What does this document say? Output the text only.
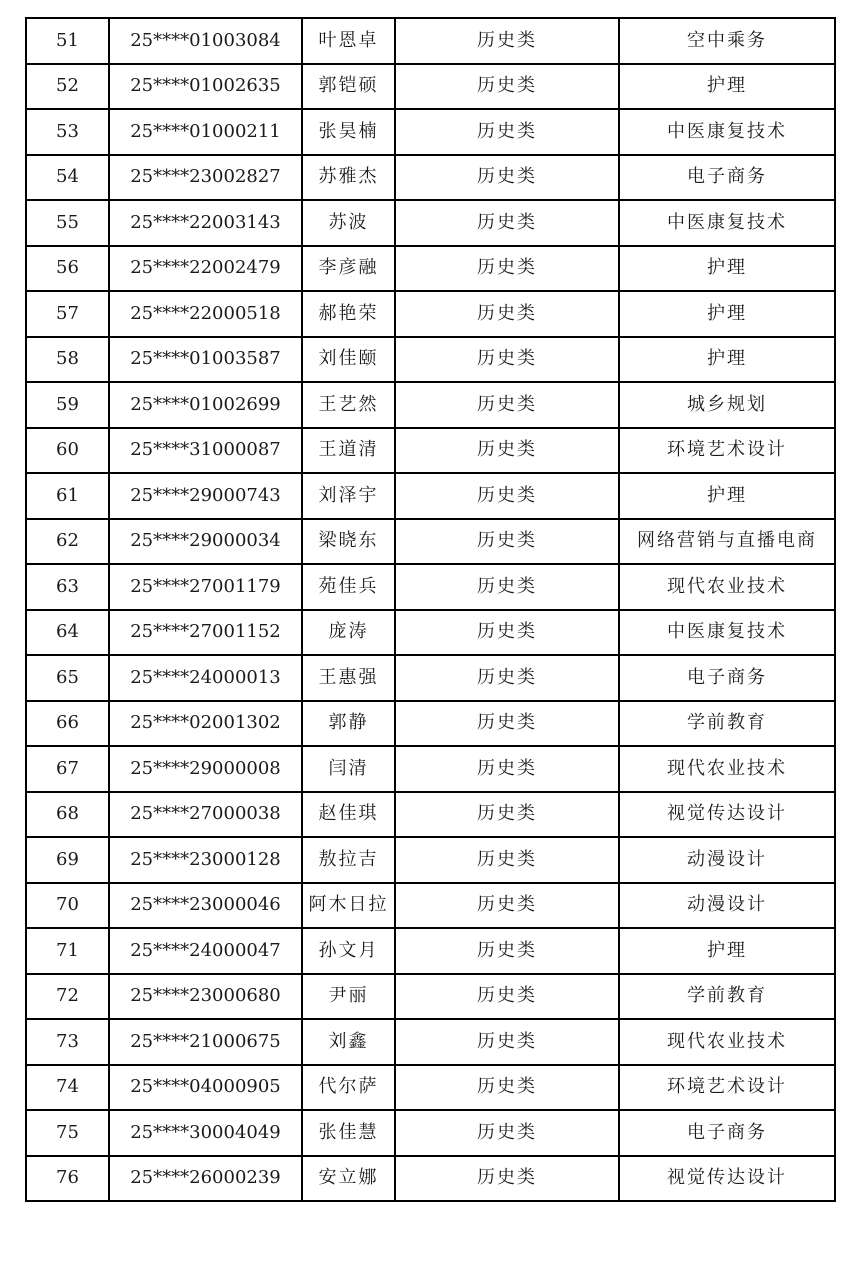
51	25****01003084	叶恩卓	历史类	空中乘务
52	25****01002635	郭铠硕	历史类	护理
53	25****01000211	张昊楠	历史类	中医康复技术
54	25****23002827	苏雅杰	历史类	电子商务
55	25****22003143	苏波	历史类	中医康复技术
56	25****22002479	李彦融	历史类	护理
57	25****22000518	郝艳荣	历史类	护理
58	25****01003587	刘佳颐	历史类	护理
59	25****01002699	王艺然	历史类	城乡规划
60	25****31000087	王道清	历史类	环境艺术设计
61	25****29000743	刘泽宇	历史类	护理
62	25****29000034	梁晓东	历史类	网络营销与直播电商
63	25****27001179	苑佳兵	历史类	现代农业技术
64	25****27001152	庞涛	历史类	中医康复技术
65	25****24000013	王惠强	历史类	电子商务
66	25****02001302	郭静	历史类	学前教育
67	25****29000008	闫清	历史类	现代农业技术
68	25****27000038	赵佳琪	历史类	视觉传达设计
69	25****23000128	敖拉吉	历史类	动漫设计
70	25****23000046	阿木日拉	历史类	动漫设计
71	25****24000047	孙文月	历史类	护理
72	25****23000680	尹丽	历史类	学前教育
73	25****21000675	刘鑫	历史类	现代农业技术
74	25****04000905	代尔萨	历史类	环境艺术设计
75	25****30004049	张佳慧	历史类	电子商务
76	25****26000239	安立娜	历史类	视觉传达设计
